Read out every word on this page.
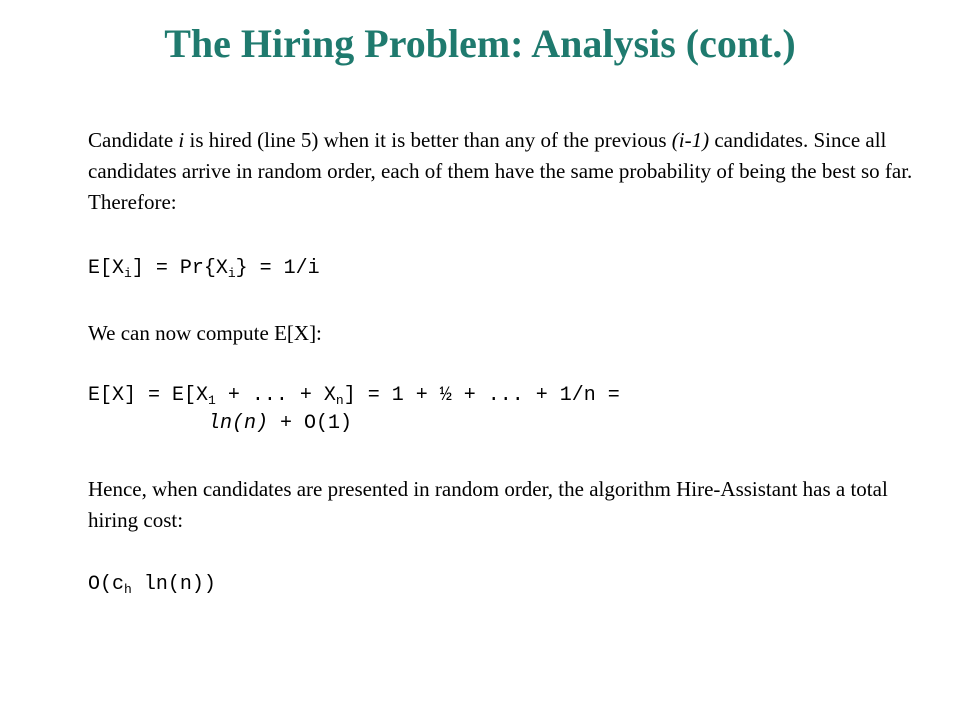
The Hiring Problem: Analysis (cont.)
Candidate i is hired (line 5) when it is better than any of the previous (i-1) candidates. Since all candidates arrive in random order, each of them have the same probability of being the best so far. Therefore:
$E[X_i] = Pr\{X_i\} = 1/i$
We can now compute E[X]:
$E[X] = E[X_1$ + ... + $X_n] = 1$ + ½ + ... + 1/n =
ln(n) + O(1)
Hence, when candidates are presented in random order, the algorithm Hire-Assistant has a total hiring cost:
$O(c_h$ ln(n))
